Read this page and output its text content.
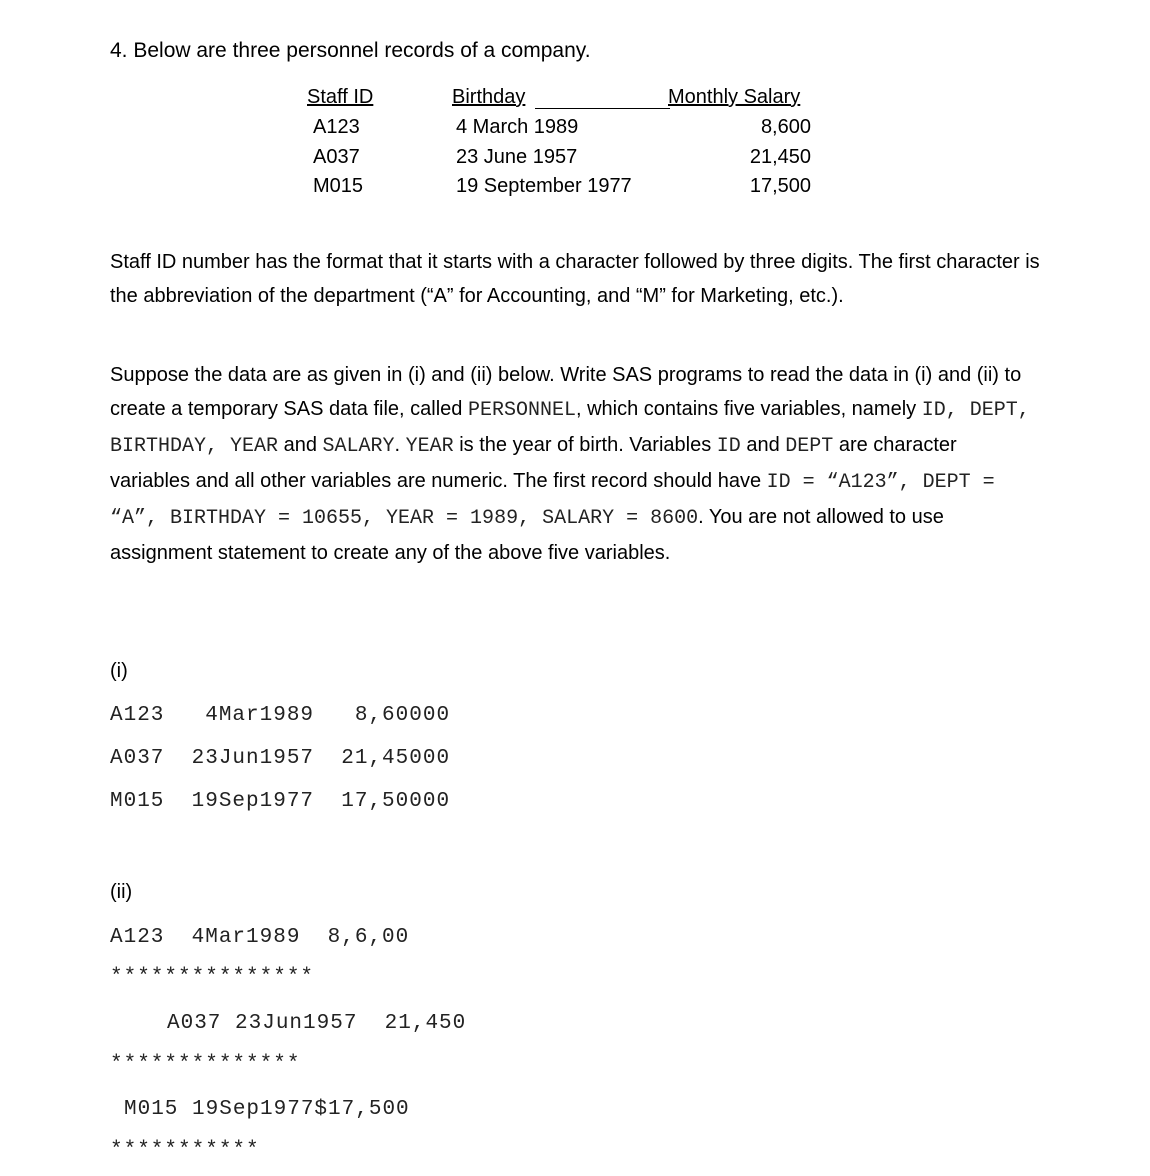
4. Below are three personnel records of a company.
Staff ID	Birthday	Monthly Salary
A123	4 March 1989	8,600
A037	23 June 1957	21,450
M015	19 September 1977	17,500
Staff ID number has the format that it starts with a character followed by three digits. The first character is the abbreviation of the department (“A” for Accounting, and “M” for Marketing, etc.).
Suppose the data are as given in (i) and (ii) below. Write SAS programs to read the data in (i) and (ii) to create a temporary SAS data file, called PERSONNEL, which contains five variables, namely ID, DEPT, BIRTHDAY, YEAR and SALARY. YEAR is the year of birth. Variables ID and DEPT are character variables and all other variables are numeric. The first record should have ID = “A123”, DEPT = “A”, BIRTHDAY = 10655, YEAR = 1989, SALARY = 8600. You are not allowed to use assignment statement to create any of the above five variables.
(i)
A123   4Mar1989   8,60000
A037  23Jun1957  21,45000
M015  19Sep1977  17,50000
(ii)
A123  4Mar1989  8,6,00
***************
A037 23Jun1957  21,450
**************
M015 19Sep1977$17,500
***********
